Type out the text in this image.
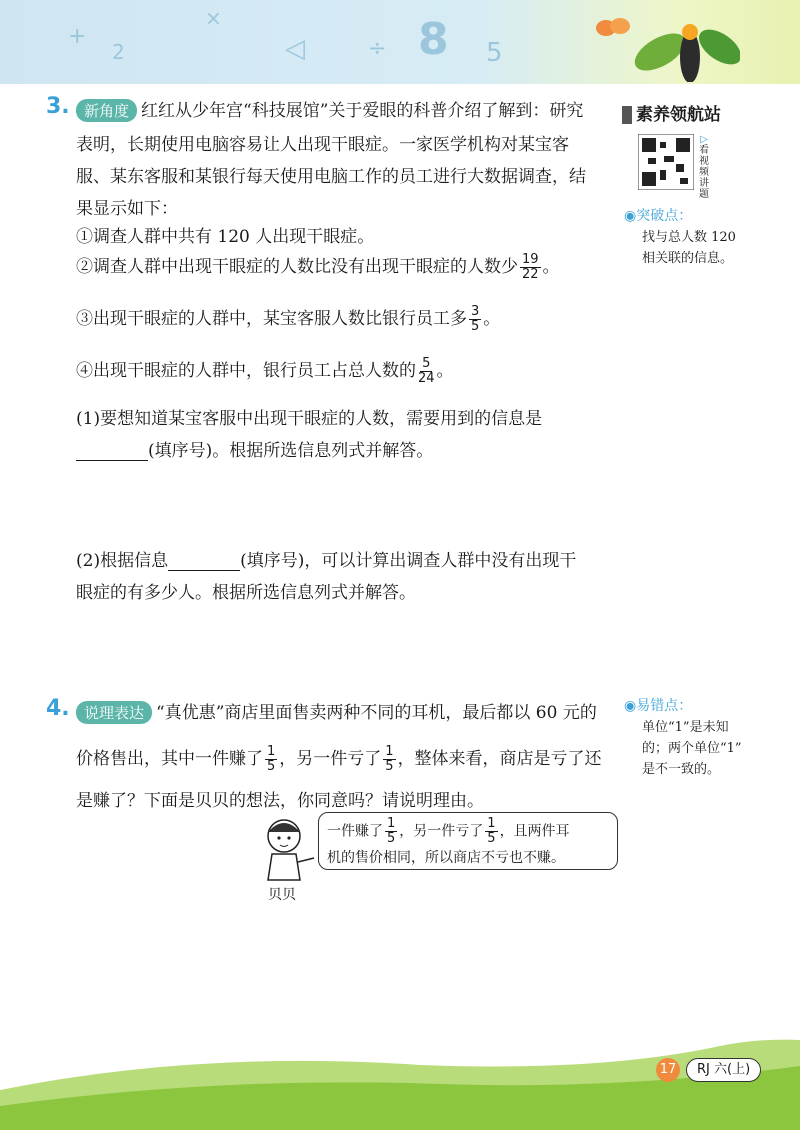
+
2
×
◁	÷ 8 5
素养领航站
▷
看
视
频
讲
题
◉突破点：
找与总人数 120
相关联的信息。
◉易错点：
单位“1”是未知
的；两个单位“1”
是不一致的。
3. 新角度 红红从少年宫“科技展馆”关于爱眼的科普介绍了解到：研究
表明，长期使用电脑容易让人出现干眼症。一家医学机构对某宝客
服、某东客服和某银行每天使用电脑工作的员工进行大数据调查，结
果显示如下：
①调查人群中共有 120 人出现干眼症。
②调查人群中出现干眼症的人数比没有出现干眼症的人数少 $\frac{19}{22}$ 。
③出现干眼症的人群中，某宝客服人数比银行员工多 $\frac{3}{5}$ 。
④出现干眼症的人群中，银行员工占总人数的 $\frac{5}{24}$ 。
(1)要想知道某宝客服中出现干眼症的人数，需要用到的信息是
(填序号)。根据所选信息列式并解答。
(2)根据信息	(填序号)，可以计算出调查人群中没有出现干
眼症的有多少人。根据所选信息列式并解答。
4. 说理表达 “真优惠”商店里面售卖两种不同的耳机，最后都以 60 元的
价格售出，其中一件赚了 $\frac{1}{5}$ ，另一件亏了 $\frac{1}{5}$ ，整体来看，商店是亏了还
是赚了？下面是贝贝的想法，你同意吗？请说明理由。
贝贝
一件赚了 $\frac{1}{5}$ ，另一件亏了 $\frac{1}{5}$ ，且两件耳
机的售价相同，所以商店不亏也不赚。
17	RJ 六(上)
